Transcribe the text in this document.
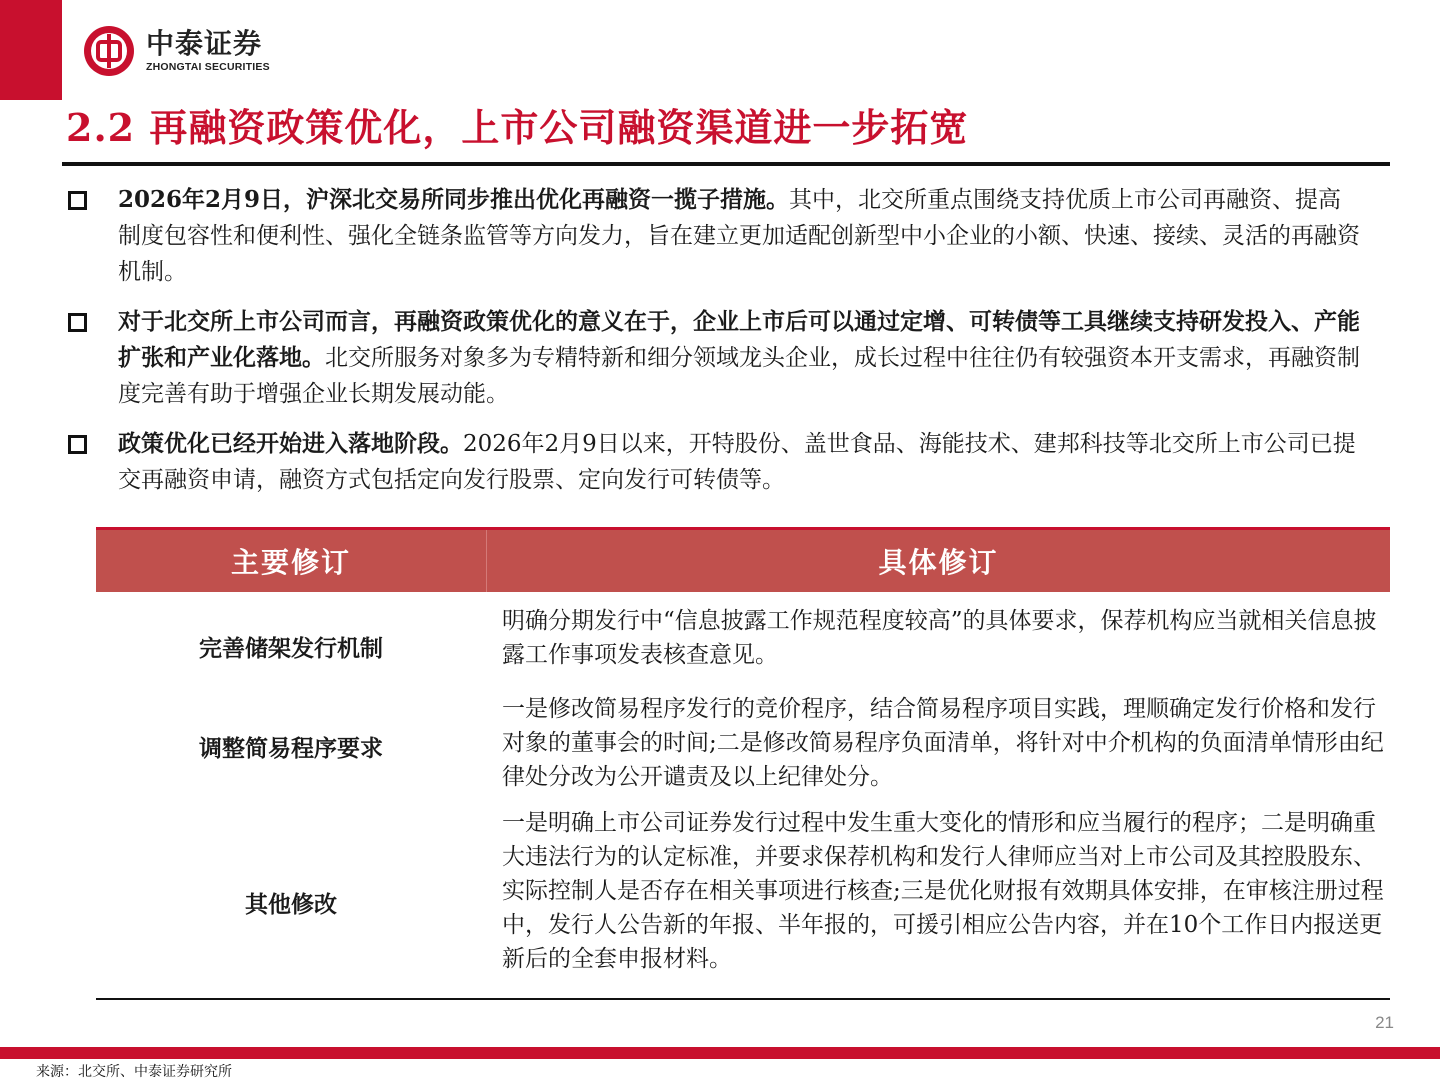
中泰证券
ZHONGTAI SECURITIES
2.2 再融资政策优化，上市公司融资渠道进一步拓宽
2026年2月9日，沪深北交易所同步推出优化再融资一揽子措施。其中，北交所重点围绕支持优质上市公司再融资、提高制度包容性和便利性、强化全链条监管等方向发力，旨在建立更加适配创新型中小企业的小额、快速、接续、灵活的再融资机制。
对于北交所上市公司而言，再融资政策优化的意义在于，企业上市后可以通过定增、可转债等工具继续支持研发投入、产能扩张和产业化落地。北交所服务对象多为专精特新和细分领域龙头企业，成长过程中往往仍有较强资本开支需求，再融资制度完善有助于增强企业长期发展动能。
政策优化已经开始进入落地阶段。2026年2月9日以来，开特股份、盖世食品、海能技术、建邦科技等北交所上市公司已提交再融资申请，融资方式包括定向发行股票、定向发行可转债等。
主要修订	具体修订
完善储架发行机制
明确分期发行中“信息披露工作规范程度较高”的具体要求，保荐机构应当就相关信息披露工作事项发表核查意见。
调整简易程序要求
一是修改简易程序发行的竞价程序，结合简易程序项目实践，理顺确定发行价格和发行对象的董事会的时间;二是修改简易程序负面清单，将针对中介机构的负面清单情形由纪律处分改为公开谴责及以上纪律处分。
其他修改
一是明确上市公司证券发行过程中发生重大变化的情形和应当履行的程序；二是明确重大违法行为的认定标准，并要求保荐机构和发行人律师应当对上市公司及其控股股东、实际控制人是否存在相关事项进行核查;三是优化财报有效期具体安排，在审核注册过程中，发行人公告新的年报、半年报的，可援引相应公告内容，并在10个工作日内报送更新后的全套申报材料。
21
来源：北交所、中泰证券研究所
